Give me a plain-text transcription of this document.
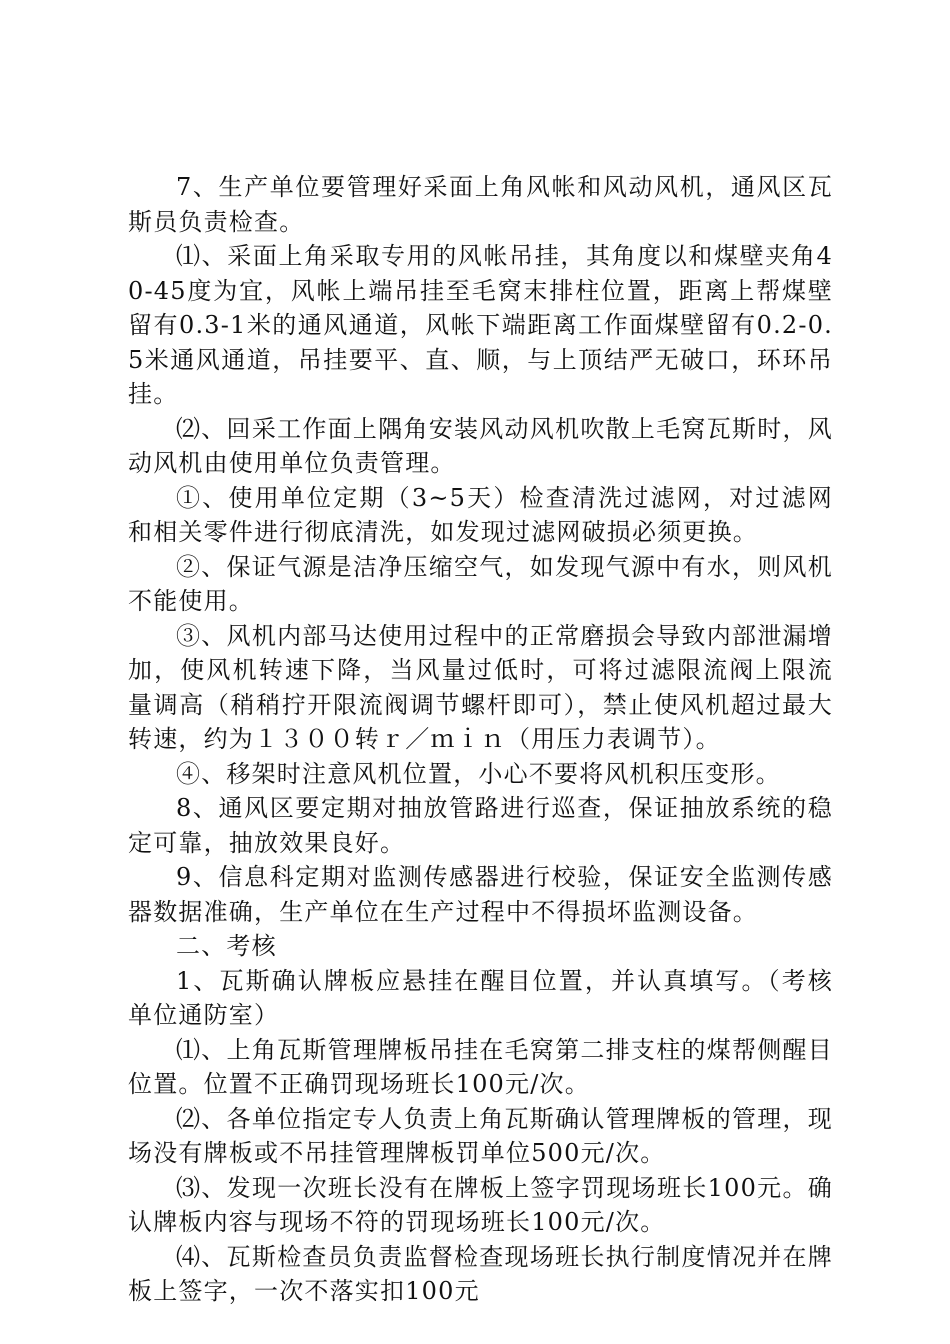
7、生产单位要管理好采面上角风帐和风动风机，通风区瓦斯员负责检查。

⑴、采面上角采取专用的风帐吊挂，其角度以和煤壁夹角40-45度为宜，风帐上端吊挂至毛窝末排柱位置，距离上帮煤壁留有0.3-1米的通风通道，风帐下端距离工作面煤壁留有0.2-0.5米通风通道，吊挂要平、直、顺，与上顶结严无破口，环环吊挂。

⑵、回采工作面上隅角安装风动风机吹散上毛窝瓦斯时，风动风机由使用单位负责管理。

①、使用单位定期（3~5天）检查清洗过滤网，对过滤网和相关零件进行彻底清洗，如发现过滤网破损必须更换。

②、保证气源是洁净压缩空气，如发现气源中有水，则风机不能使用。

③、风机内部马达使用过程中的正常磨损会导致内部泄漏增加，使风机转速下降，当风量过低时，可将过滤限流阀上限流量调高（稍稍拧开限流阀调节螺杆即可），禁止使风机超过最大转速，约为１３００转ｒ／ｍｉｎ（用压力表调节）。

④、移架时注意风机位置，小心不要将风机积压变形。

8、通风区要定期对抽放管路进行巡查，保证抽放系统的稳定可靠，抽放效果良好。

9、信息科定期对监测传感器进行校验，保证安全监测传感器数据准确，生产单位在生产过程中不得损坏监测设备。

二、考核

1、瓦斯确认牌板应悬挂在醒目位置，并认真填写。（考核单位通防室）

⑴、上角瓦斯管理牌板吊挂在毛窝第二排支柱的煤帮侧醒目位置。位置不正确罚现场班长100元/次。

⑵、各单位指定专人负责上角瓦斯确认管理牌板的管理，现场没有牌板或不吊挂管理牌板罚单位500元/次。

⑶、发现一次班长没有在牌板上签字罚现场班长100元。确认牌板内容与现场不符的罚现场班长100元/次。

⑷、瓦斯检查员负责监督检查现场班长执行制度情况并在牌板上签字，一次不落实扣100元
